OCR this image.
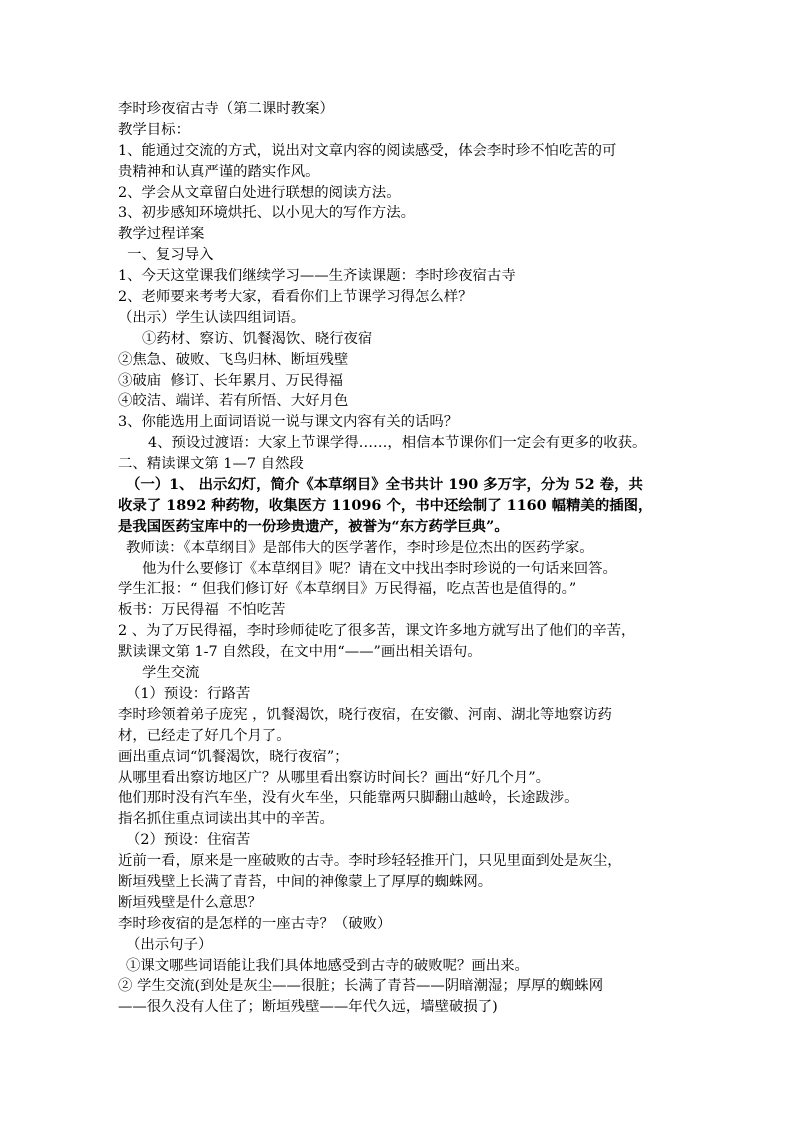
李时珍夜宿古寺（第二课时教案）
教学目标：
1、能通过交流的方式，说出对文章内容的阅读感受，体会李时珍不怕吃苦的可
贵精神和认真严谨的踏实作风。
2、学会从文章留白处进行联想的阅读方法。
3、初步感知环境烘托、以小见大的写作方法。
教学过程详案
一、复习导入
1、今天这堂课我们继续学习——生齐读课题：李时珍夜宿古寺
2、老师要来考考大家，看看你们上节课学习得怎么样？
（出示）学生认读四组词语。
①药材、察访、饥餐渴饮、晓行夜宿
②焦急、破败、飞鸟归林、断垣残壁
③破庙  修订、长年累月、万民得福
④皎洁、端详、若有所悟、大好月色
3、你能选用上面词语说一说与课文内容有关的话吗？
4、预设过渡语：大家上节课学得……，相信本节课你们一定会有更多的收获。
二、精读课文第 1—7 自然段
（一）1、 出示幻灯，简介《本草纲目》全书共计 190 多万字，分为 52 卷，共
收录了 1892 种药物，收集医方 11096 个，书中还绘制了 1160 幅精美的插图，
是我国医药宝库中的一份珍贵遗产，被誉为“东方药学巨典”。
教师读：《本草纲目》是部伟大的医学著作，李时珍是位杰出的医药学家。
他为什么要修订《本草纲目》呢？请在文中找出李时珍说的一句话来回答。
学生汇报：“ 但我们修订好《本草纲目》万民得福，吃点苦也是值得的。”
板书：万民得福  不怕吃苦
2 、为了万民得福，李时珍师徒吃了很多苦，课文许多地方就写出了他们的辛苦，
默读课文第 1-7 自然段，在文中用“——”画出相关语句。
学生交流
（1）预设：行路苦
李时珍领着弟子庞宪 ，饥餐渴饮，晓行夜宿，在安徽、河南、湖北等地察访药
材，已经走了好几个月了。
画出重点词“饥餐渴饮，晓行夜宿”；
从哪里看出察访地区广？从哪里看出察访时间长？画出“好几个月”。
他们那时没有汽车坐，没有火车坐，只能靠两只脚翻山越岭，长途跋涉。
指名抓住重点词读出其中的辛苦。
（2）预设：住宿苦
近前一看，原来是一座破败的古寺。李时珍轻轻推开门，只见里面到处是灰尘，
断垣残壁上长满了青苔，中间的神像蒙上了厚厚的蜘蛛网。
断垣残壁是什么意思？
李时珍夜宿的是怎样的一座古寺？（破败）
（出示句子）
①课文哪些词语能让我们具体地感受到古寺的破败呢？画出来。
② 学生交流(到处是灰尘——很脏；长满了青苔——阴暗潮湿；厚厚的蜘蛛网
——很久没有人住了；断垣残壁——年代久远，墙壁破损了)
